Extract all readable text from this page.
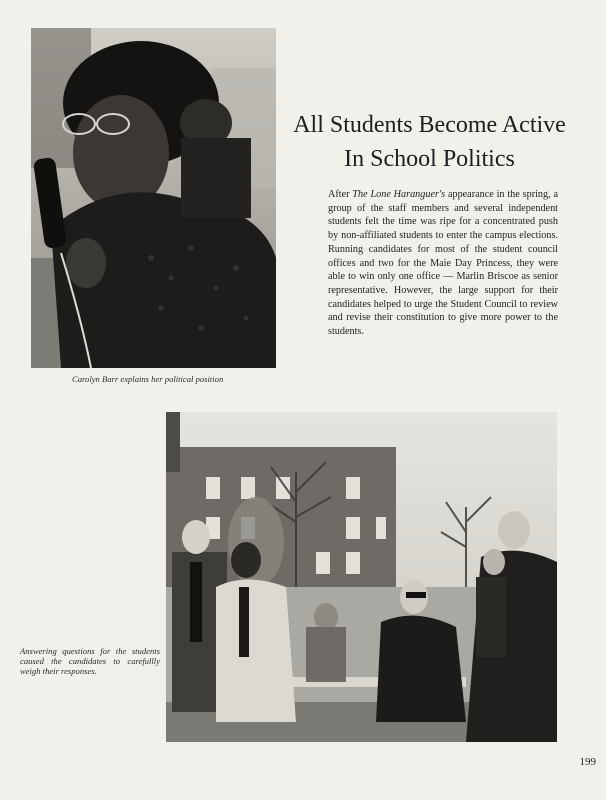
Carolyn Barr explains her political position
All Students Become Active
In School Politics

After The Lone Haranguer's appearance in the spring, a group of the staff members and several independent students felt the time was ripe for a concentrated push by non-affiliated students to enter the campus elections. Running candidates for most of the student council offices and two for the Maie Day Princess, they were able to win only one office — Marlin Briscoe as senior representative. However, the large support for their candidates helped to urge the Student Council to review and revise their constitution to give more power to the students.

Answering questions for the students caused the candidates to carefullly weigh their responses.
199
